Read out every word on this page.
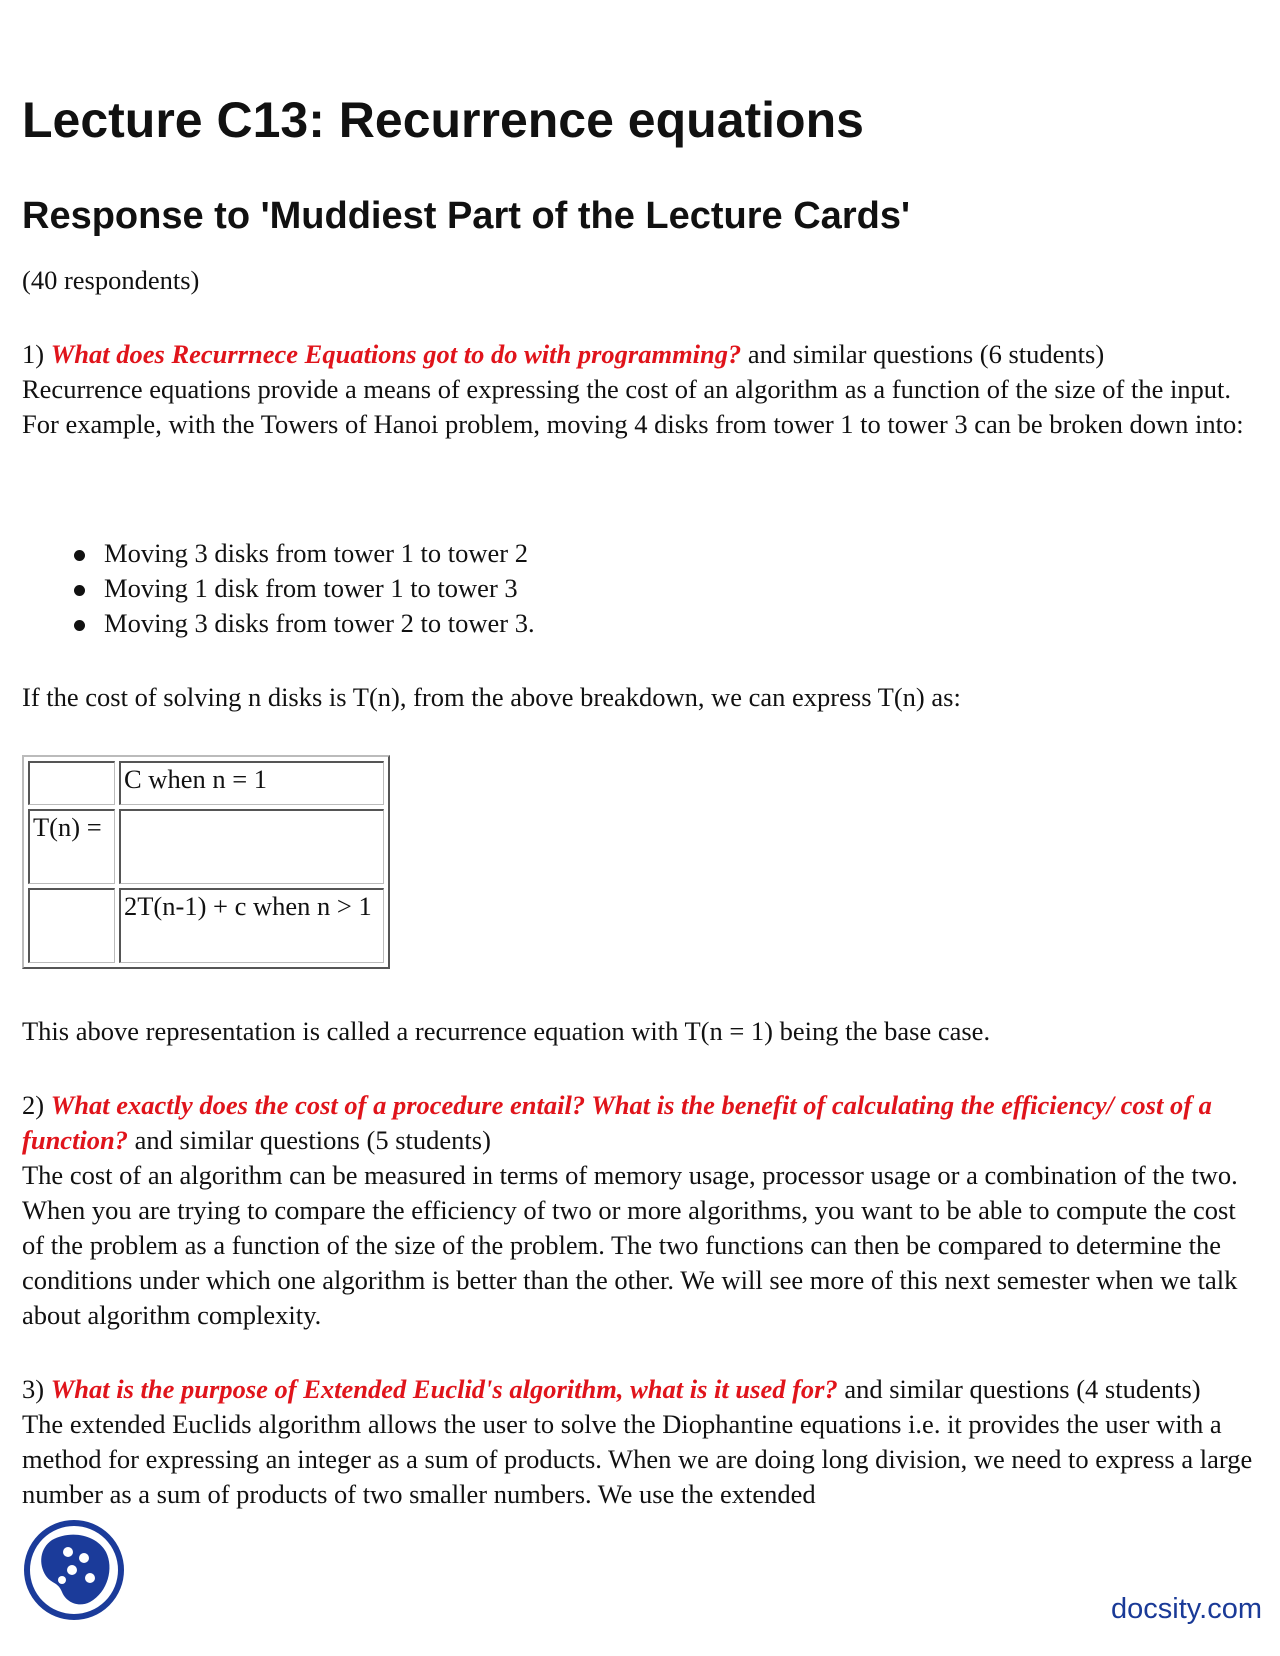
Lecture C13: Recurrence equations
Response to 'Muddiest Part of the Lecture Cards'

(40 respondents)

1) What does Recurrnece Equations got to do with programming? and similar questions (6 students)
Recurrence equations provide a means of expressing the cost of an algorithm as a function of the size of the input. For example, with the Towers of Hanoi problem, moving 4 disks from tower 1 to tower 3 can be broken down into:

Moving 3 disks from tower 1 to tower 2
Moving 1 disk from tower 1 to tower 3
Moving 3 disks from tower 2 to tower 3.

If the cost of solving n disks is T(n), from the above breakdown, we can express T(n) as:

	C when n = 1
T(n) =	
	2T(n-1) + c when n > 1

This above representation is called a recurrence equation with T(n = 1) being the base case.

2) What exactly does the cost of a procedure entail? What is the benefit of calculating the efficiency/ cost of a function? and similar questions (5 students)
The cost of an algorithm can be measured in terms of memory usage, processor usage or a combination of the two. When you are trying to compare the efficiency of two or more algorithms, you want to be able to compute the cost of the problem as a function of the size of the problem. The two functions can then be compared to determine the conditions under which one algorithm is better than the other. We will see more of this next semester when we talk about algorithm complexity.

3) What is the purpose of Extended Euclid's algorithm, what is it used for? and similar questions (4 students)
The extended Euclids algorithm allows the user to solve the Diophantine equations i.e. it provides the user with a method for expressing an integer as a sum of products. When we are doing long division, we need to express a large number as a sum of products of two smaller numbers. We use the extended

docsity.com
